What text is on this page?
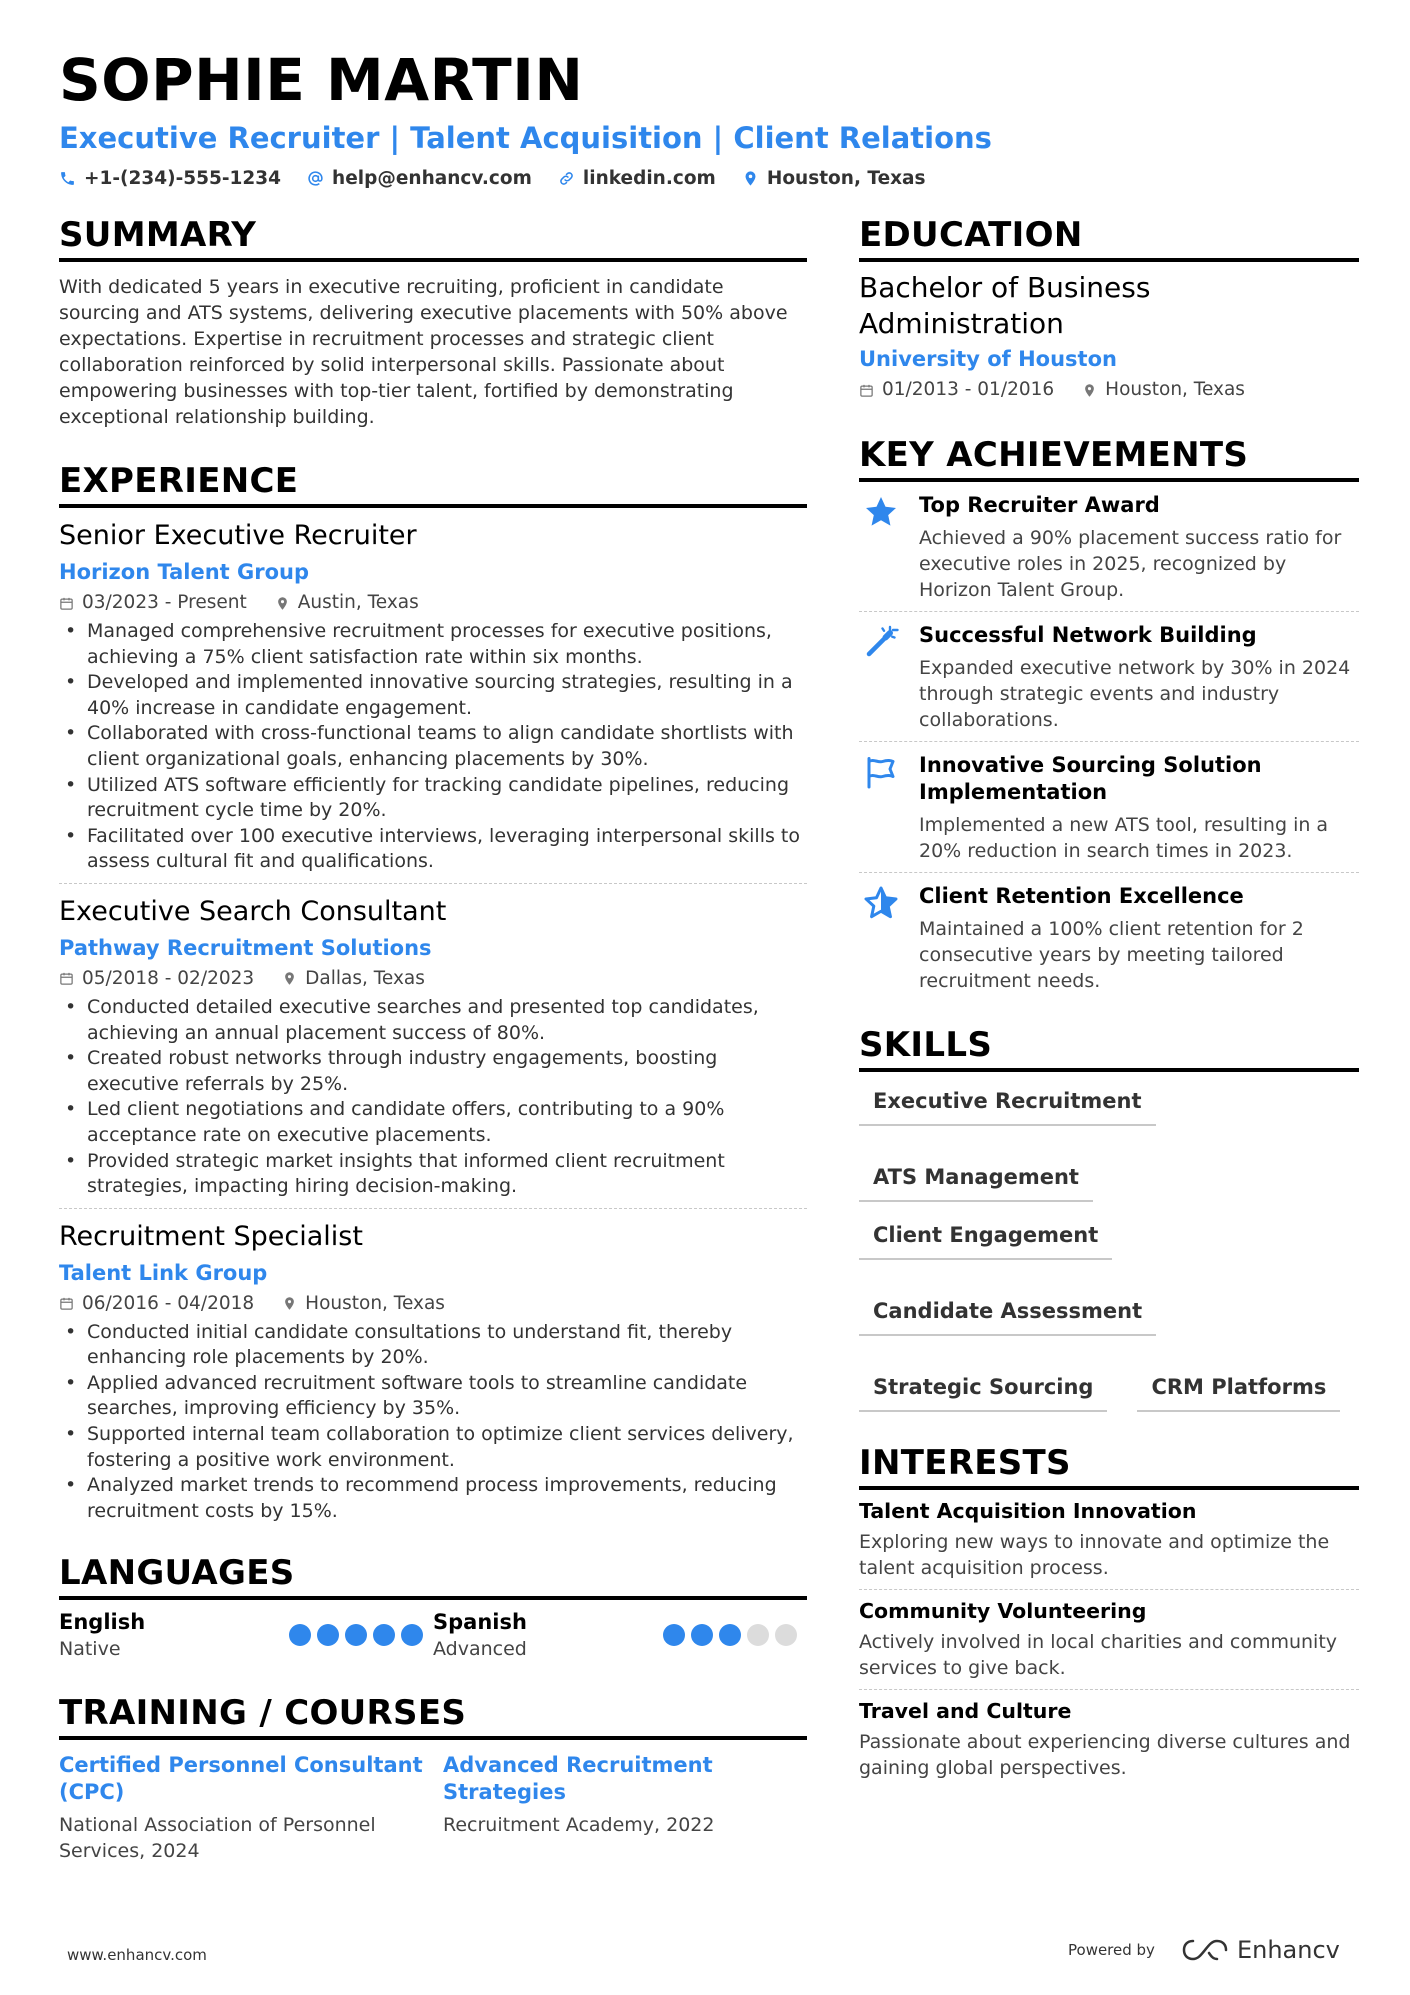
SOPHIE MARTIN
Executive Recruiter | Talent Acquisition | Client Relations
+1-(234)-555-1234	help@enhancv.com	linkedin.com	Houston, Texas
SUMMARY
With dedicated 5 years in executive recruiting, proficient in candidate sourcing and ATS systems, delivering executive placements with 50% above expectations. Expertise in recruitment processes and strategic client collaboration reinforced by solid interpersonal skills. Passionate about empowering businesses with top-tier talent, fortified by demonstrating exceptional relationship building.
EXPERIENCE
Senior Executive Recruiter
Horizon Talent Group
03/2023 - Present	Austin, Texas
• Managed comprehensive recruitment processes for executive positions, achieving a 75% client satisfaction rate within six months.
• Developed and implemented innovative sourcing strategies, resulting in a 40% increase in candidate engagement.
• Collaborated with cross-functional teams to align candidate shortlists with client organizational goals, enhancing placements by 30%.
• Utilized ATS software efficiently for tracking candidate pipelines, reducing recruitment cycle time by 20%.
• Facilitated over 100 executive interviews, leveraging interpersonal skills to assess cultural fit and qualifications.
Executive Search Consultant
Pathway Recruitment Solutions
05/2018 - 02/2023	Dallas, Texas
• Conducted detailed executive searches and presented top candidates, achieving an annual placement success of 80%.
• Created robust networks through industry engagements, boosting executive referrals by 25%.
• Led client negotiations and candidate offers, contributing to a 90% acceptance rate on executive placements.
• Provided strategic market insights that informed client recruitment strategies, impacting hiring decision-making.
Recruitment Specialist
Talent Link Group
06/2016 - 04/2018	Houston, Texas
• Conducted initial candidate consultations to understand fit, thereby enhancing role placements by 20%.
• Applied advanced recruitment software tools to streamline candidate searches, improving efficiency by 35%.
• Supported internal team collaboration to optimize client services delivery, fostering a positive work environment.
• Analyzed market trends to recommend process improvements, reducing recruitment costs by 15%.
LANGUAGES
English
Native
Spanish
Advanced
TRAINING / COURSES
Certified Personnel Consultant (CPC)
National Association of Personnel Services, 2024
Advanced Recruitment Strategies
Recruitment Academy, 2022
EDUCATION
Bachelor of Business Administration
University of Houston
01/2013 - 01/2016	Houston, Texas
KEY ACHIEVEMENTS
Top Recruiter Award
Achieved a 90% placement success ratio for executive roles in 2025, recognized by Horizon Talent Group.
Successful Network Building
Expanded executive network by 30% in 2024 through strategic events and industry collaborations.
Innovative Sourcing Solution Implementation
Implemented a new ATS tool, resulting in a 20% reduction in search times in 2023.
Client Retention Excellence
Maintained a 100% client retention for 2 consecutive years by meeting tailored recruitment needs.
SKILLS
Executive Recruitment
ATS Management
Client Engagement
Candidate Assessment
Strategic Sourcing	CRM Platforms
INTERESTS
Talent Acquisition Innovation
Exploring new ways to innovate and optimize the talent acquisition process.
Community Volunteering
Actively involved in local charities and community services to give back.
Travel and Culture
Passionate about experiencing diverse cultures and gaining global perspectives.
www.enhancv.com	Powered by	Enhancv
